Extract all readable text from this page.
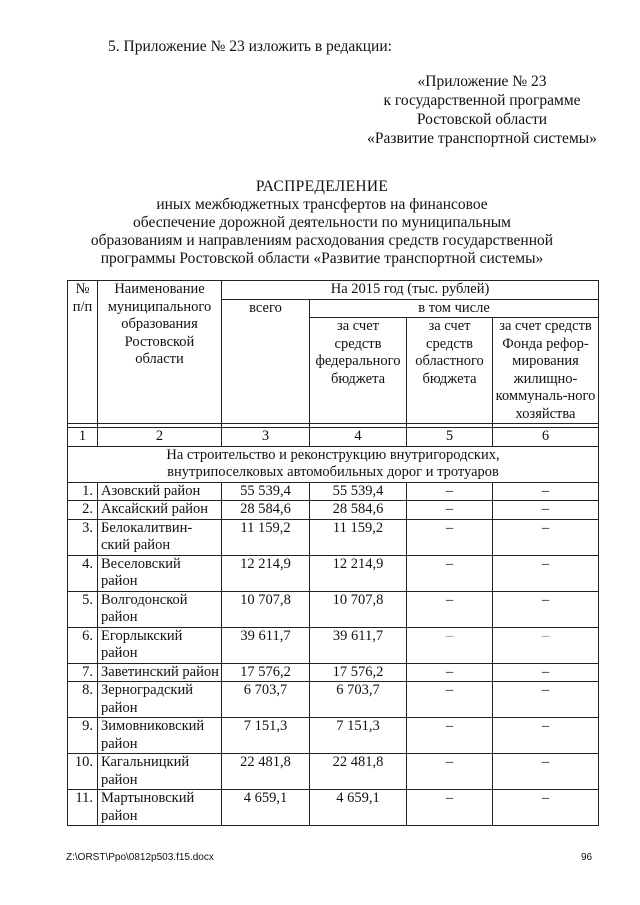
5. Приложение № 23 изложить в редакции:
«Приложение № 23
к государственной программе
Ростовской области
«Развитие транспортной системы»
РАСПРЕДЕЛЕНИЕ
иных межбюджетных трансфертов на финансовое
обеспечение дорожной деятельности по муниципальным
образованиям и направлениям расходования средств государственной
программы Ростовской области «Развитие транспортной системы»
№ п/п	Наименование муниципального образования Ростовской области	На 2015 год (тыс. рублей)			
		всего	в том числе		
			за счет средств федерального бюджета	за счет средств областного бюджета	за счет средств Фонда рефор-мирования жилищно-коммуналь-ного хозяйства

1	2	3	4	5	6
На строительство и реконструкцию внутригородских, внутрипоселковых автомобильных дорог и тротуаров					
1.	Азовский район	55 539,4	55 539,4	–	–
2.	Аксайский район	28 584,6	28 584,6	–	–
3.	Белокалитвин-ский район	11 159,2	11 159,2	–	–
4.	Веселовский район	12 214,9	12 214,9	–	–
5.	Волгодонской район	10 707,8	10 707,8	–	–
6.	Егорлыкский район	39 611,7	39 611,7	–	–
7.	Заветинский район	17 576,2	17 576,2	–	–
8.	Зерноградский район	6 703,7	6 703,7	–	–
9.	Зимовниковский район	7 151,3	7 151,3	–	–
10.	Кагальницкий район	22 481,8	22 481,8	–	–
11.	Мартыновский район	4 659,1	4 659,1	–	–
Z:\ORST\Ppo\0812p503.f15.docx	96
